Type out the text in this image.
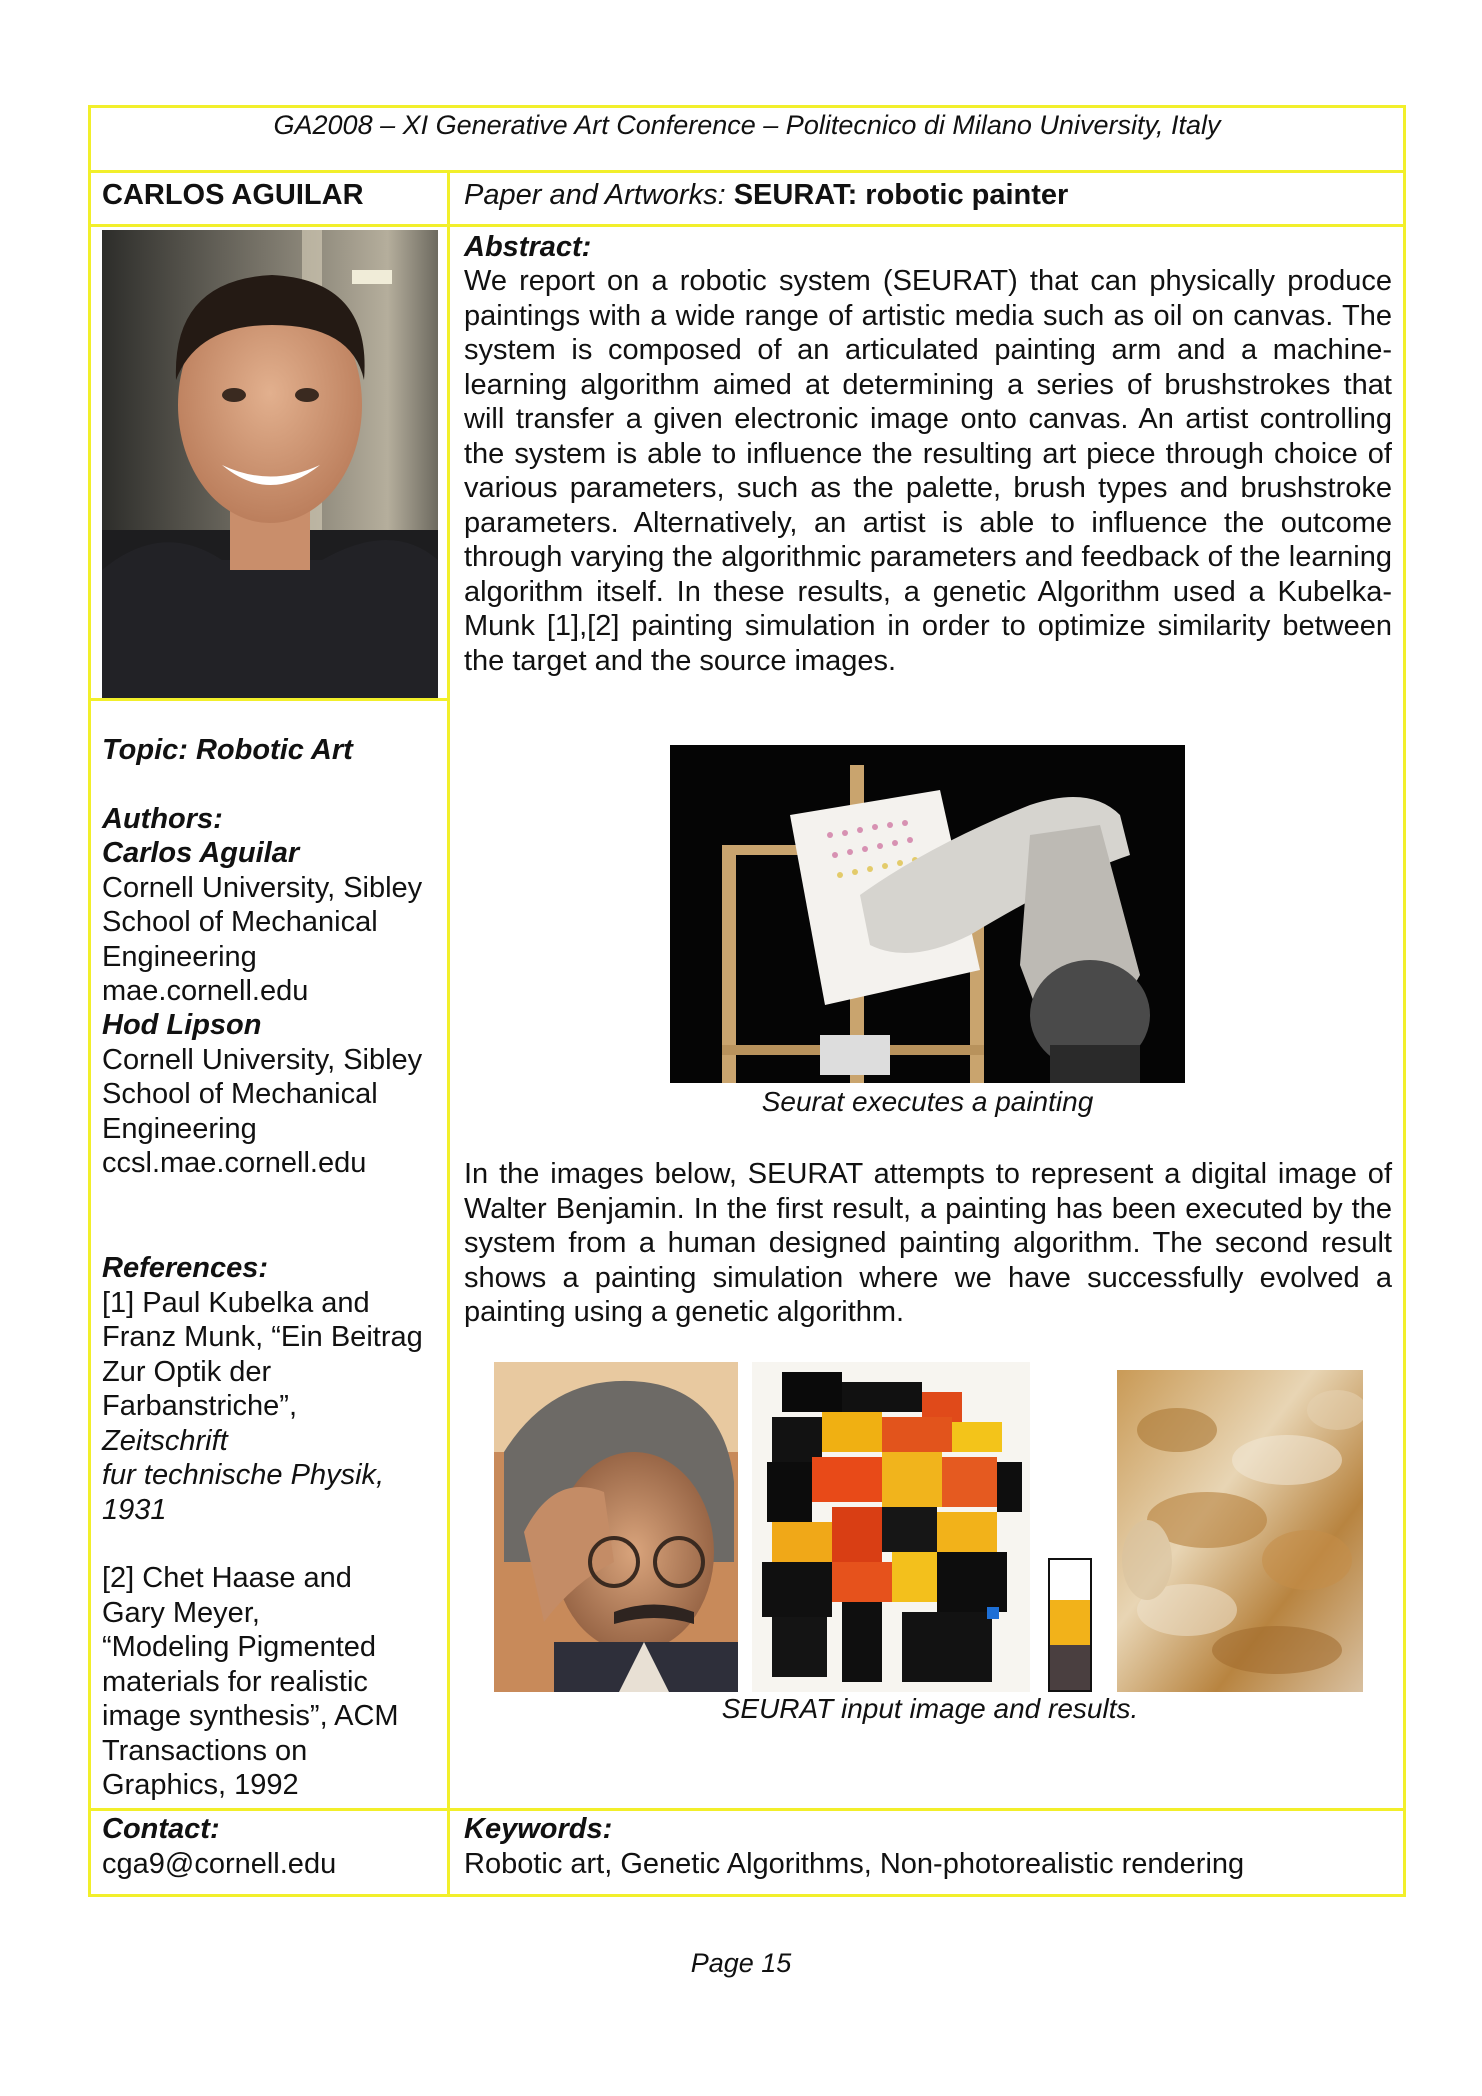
GA2008 – XI Generative Art Conference – Politecnico di Milano University, Italy
CARLOS AGUILAR	Paper and Artworks: SEURAT: robotic painter
Topic: Robotic Art
Authors:
Carlos Aguilar
Cornell University, Sibley
School of Mechanical
Engineering
mae.cornell.edu
Hod Lipson
Cornell University, Sibley
School of Mechanical
Engineering
ccsl.mae.cornell.edu
References:
[1] Paul Kubelka and
Franz Munk, “Ein Beitrag
Zur Optik der
Farbanstriche”,
Zeitschrift
fur technische Physik,
1931
[2] Chet Haase and
Gary Meyer,
“Modeling Pigmented
materials for realistic
image synthesis”, ACM
Transactions on
Graphics, 1992
Abstract:
We report on a robotic system (SEURAT) that can physically produce paintings with a wide range of artistic media such as oil on canvas. The system is composed of an articulated painting arm and a machine-learning algorithm aimed at determining a series of brushstrokes that will transfer a given electronic image onto canvas. An artist controlling the system is able to influence the resulting art piece through choice of various parameters, such as the palette, brush types and brushstroke parameters. Alternatively, an artist is able to influence the outcome through varying the algorithmic parameters and feedback of the learning algorithm itself. In these results, a genetic Algorithm used a Kubelka-Munk [1],[2] painting simulation in order to optimize similarity between the target and the source images.
Seurat executes a painting
In the images below, SEURAT attempts to represent a digital image of Walter Benjamin. In the first result, a painting has been executed by the system from a human designed painting algorithm. The second result shows a painting simulation where we have successfully evolved a painting using a genetic algorithm.
SEURAT input image and results.
Contact:
cga9@cornell.edu
Keywords:
Robotic art, Genetic Algorithms, Non-photorealistic rendering
Page 15
